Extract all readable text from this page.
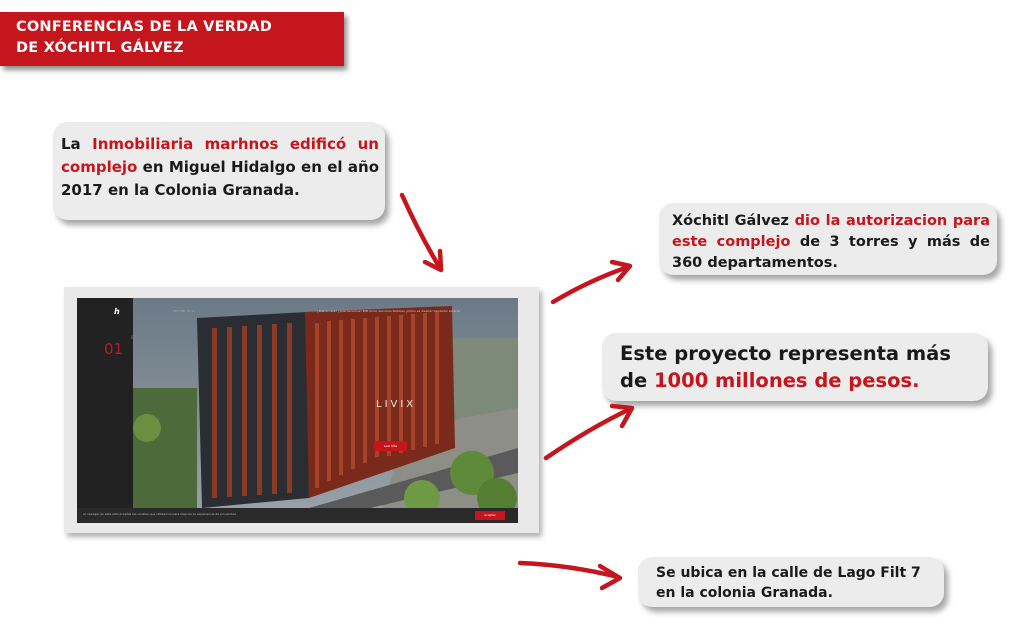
CONFERENCIAS DE LA VERDAD
DE XÓCHITL GÁLVEZ
La Inmobiliaria marhnos edificó un complejo en Miguel Hidalgo en el año 2017 en la Colonia Granada.
Xóchitl Gálvez dio la autorizacion para este complejo de 3 torres y más de 360 departamentos.
Este proyecto representa más de 1000 millones de pesos.
Se ubica en la calle de Lago Filt 7 en la colonia Granada.
ℎ
01
03
555 000 79 11	¿Busca casa? ¿Qué hacemos? BIM Socio Servicios Noticias ¿Cómo se diseña? Vendedor exterior
LIVIX
Leer Más
Al navegar en este sitio aceptas las cookies que utilizamos para mejorar tu experiencia de privacidad	Aceptar
